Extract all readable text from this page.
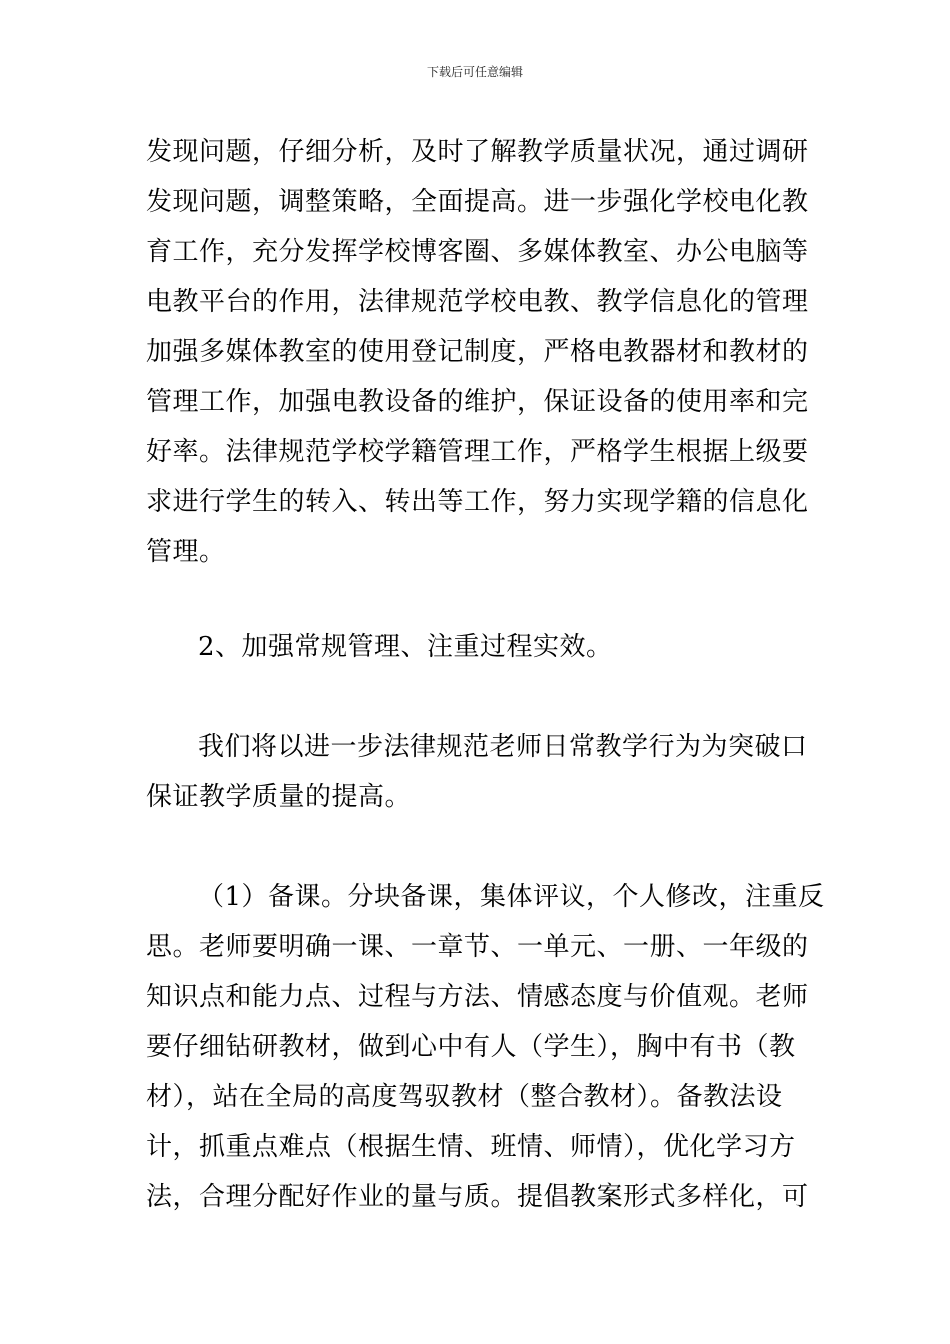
下载后可任意编辑

发现问题，仔细分析，及时了解教学质量状况，通过调研
发现问题，调整策略，全面提高。进一步强化学校电化教
育工作，充分发挥学校博客圈、多媒体教室、办公电脑等
电教平台的作用，法律规范学校电教、教学信息化的管理
加强多媒体教室的使用登记制度，严格电教器材和教材的
管理工作，加强电教设备的维护，保证设备的使用率和完
好率。法律规范学校学籍管理工作，严格学生根据上级要
求进行学生的转入、转出等工作，努力实现学籍的信息化
管理。

2、加强常规管理、注重过程实效。

我们将以进一步法律规范老师日常教学行为为突破口
保证教学质量的提高。

（1）备课。分块备课，集体评议，个人修改，注重反
思。老师要明确一课、一章节、一单元、一册、一年级的
知识点和能力点、过程与方法、情感态度与价值观。老师
要仔细钻研教材，做到心中有人（学生），胸中有书（教
材），站在全局的高度驾驭教材（整合教材）。备教法设
计，抓重点难点（根据生情、班情、师情），优化学习方
法，合理分配好作业的量与质。提倡教案形式多样化，可
